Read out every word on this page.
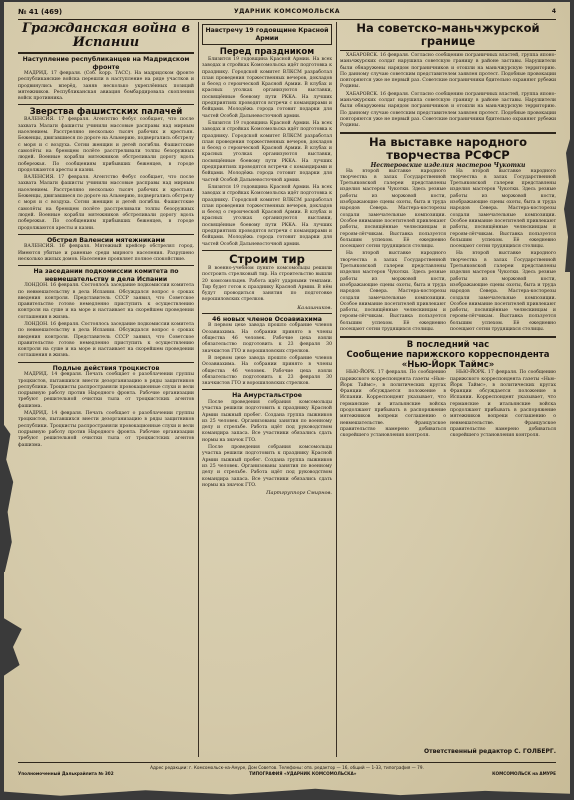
№ 41 (469)	УДАРНИК КОМСОМОЛЬСКА	4
Гражданская война в Испании
Наступление республиканцев на Мадридском фронте

МАДРИД. 17 февраля. (Соб. корр. ТАСС). На мадридском фронте республиканские войска перешли в наступление на ряде участков и продвинулись вперёд, заняв несколько укреплённых позиций мятежников. Республиканская авиация бомбардировала скопления войск противника.

Зверства фашистских палачей

ВАЛЕНСИЯ. 17 февраля. Агентство Фебус сообщает, что после захвата Малаги фашисты учинили массовые расправы над мирным населением. Расстреляно несколько тысяч рабочих и крестьян. Беженцы, двигавшиеся по дороге на Альмерию, подвергались обстрелу с моря и с воздуха. Сотни женщин и детей погибли. Фашистские самолёты на бреющем полёте расстреливали толпы безоружных людей. Военные корабли мятежников обстреливали дорогу вдоль побережья. По сообщениям прибывших беженцев, в городе продолжаются аресты и казни.

ВАЛЕНСИЯ. 17 февраля. Агентство Фебус сообщает, что после захвата Малаги фашисты учинили массовые расправы над мирным населением. Расстреляно несколько тысяч рабочих и крестьян. Беженцы, двигавшиеся по дороге на Альмерию, подвергались обстрелу с моря и с воздуха. Сотни женщин и детей погибли. Фашистские самолёты на бреющем полёте расстреливали толпы безоружных людей. Военные корабли мятежников обстреливали дорогу вдоль побережья. По сообщениям прибывших беженцев, в городе продолжаются аресты и казни.

Обстрел Валенсии мятежниками

ВАЛЕНСИЯ. 16 февраля. Мятежный крейсер обстрелял город. Имеются убитые и раненые среди мирного населения. Разрушено несколько жилых домов. Население проявляет полное спокойствие.

На заседании подкомиссии комитета по невмешательству в дела Испании

ЛОНДОН. 16 февраля. Состоялось заседание подкомиссии комитета по невмешательству в дела Испании. Обсуждался вопрос о сроках введения контроля. Представитель СССР заявил, что Советское правительство готово немедленно приступить к осуществлению контроля на суше и на море и настаивает на скорейшем проведении соглашения в жизнь.

ЛОНДОН. 16 февраля. Состоялось заседание подкомиссии комитета по невмешательству в дела Испании. Обсуждался вопрос о сроках введения контроля. Представитель СССР заявил, что Советское правительство готово немедленно приступить к осуществлению контроля на суше и на море и настаивает на скорейшем проведении соглашения в жизнь.

Подлые действия троцкистов

МАДРИД. 14 февраля. Печать сообщает о разоблачении группы троцкистов, пытавшихся внести дезорганизацию в ряды защитников республики. Троцкисты распространяли провокационные слухи и вели подрывную работу против Народного фронта. Рабочие организации требуют решительной очистки тыла от троцкистских агентов фашизма.

МАДРИД. 14 февраля. Печать сообщает о разоблачении группы троцкистов, пытавшихся внести дезорганизацию в ряды защитников республики. Троцкисты распространяли провокационные слухи и вели подрывную работу против Народного фронта. Рабочие организации требуют решительной очистки тыла от троцкистских агентов фашизма.

Навстречу 19 годовщине Красной Армии
Перед праздником

Близится 19 годовщина Красной Армии. На всех заводах и стройках Комсомольска идёт подготовка к празднику. Городской комитет ВЛКСМ разработал план проведения торжественных вечеров, докладов и бесед о героической Красной Армии. В клубах и красных уголках организуются выставки, посвящённые боевому пути РККА. На лучших предприятиях проводятся встречи с командирами и бойцами. Молодёжь города готовит подарки для частей Особой Дальневосточной армии.

Близится 19 годовщина Красной Армии. На всех заводах и стройках Комсомольска идёт подготовка к празднику. Городской комитет ВЛКСМ разработал план проведения торжественных вечеров, докладов и бесед о героической Красной Армии. В клубах и красных уголках организуются выставки, посвящённые боевому пути РККА. На лучших предприятиях проводятся встречи с командирами и бойцами. Молодёжь города готовит подарки для частей Особой Дальневосточной армии.

Близится 19 годовщина Красной Армии. На всех заводах и стройках Комсомольска идёт подготовка к празднику. Городской комитет ВЛКСМ разработал план проведения торжественных вечеров, докладов и бесед о героической Красной Армии. В клубах и красных уголках организуются выставки, посвящённые боевому пути РККА. На лучших предприятиях проводятся встречи с командирами и бойцами. Молодёжь города готовит подарки для частей Особой Дальневосточной армии.

Строим тир

В военно-учебном пункте комсомольцы решили построить стрелковый тир. На строительство вышли 20 комсомольцев. Работа идёт ударными темпами. Тир будет готов к празднику Красной Армии. В нём будут проводиться занятия по подготовке ворошиловских стрелков.

Калашников.
46 новых членов Осоавиахима

В первом цехе завода прошло собрание членов Осоавиахима. На собрании принято в члены общества 46 человек. Рабочие цеха взяли обязательство подготовить к 23 февраля 30 значкистов ГТО и ворошиловских стрелков.

В первом цехе завода прошло собрание членов Осоавиахима. На собрании принято в члены общества 46 человек. Рабочие цеха взяли обязательство подготовить к 23 февраля 30 значкистов ГТО и ворошиловских стрелков.

На Амурстальстрое

После проведения собрания комсомольцы участка решили подготовить к празднику Красной Армии лыжный пробег. Создана группа лыжников из 25 человек. Организованы занятия по военному делу и стрельбе. Работа идёт под руководством командира запаса. Все участники обязались сдать нормы на значок ГТО.

После проведения собрания комсомольцы участка решили подготовить к празднику Красной Армии лыжный пробег. Создана группа лыжников из 25 человек. Организованы занятия по военному делу и стрельбе. Работа идёт под руководством командира запаса. Все участники обязались сдать нормы на значок ГТО.

Партгруппорг Смирнов.
На советско-маньчжурской границе

ХАБАРОВСК. 16 февраля. Согласно сообщению пограничных властей, группа японо-маньчжурских солдат нарушила советскую границу в районе заставы. Нарушители были обнаружены нарядом пограничников и отошли на маньчжурскую территорию. По данному случаю советским представителем заявлен протест. Подобные провокации повторяются уже не первый раз. Советские пограничники бдительно охраняют рубежи Родины.

ХАБАРОВСК. 16 февраля. Согласно сообщению пограничных властей, группа японо-маньчжурских солдат нарушила советскую границу в районе заставы. Нарушители были обнаружены нарядом пограничников и отошли на маньчжурскую территорию. По данному случаю советским представителем заявлен протест. Подобные провокации повторяются уже не первый раз. Советские пограничники бдительно охраняют рубежи Родины.

На выставке народного творчества РСФСР
Нестеровские изделия мастеров Чукотки

На второй выставке народного творчества в залах Государственной Третьяковской галереи представлены изделия мастеров Чукотки. Здесь резные работы из моржовой кости, изображающие сцены охоты, быта и труда народов Севера. Мастера-косторезы создали замечательные композиции. Особое внимание посетителей привлекают работы, посвящённые челюскинцам и героям-лётчикам. Выставка пользуется большим успехом. Её ежедневно посещают сотни трудящихся столицы.

На второй выставке народного творчества в залах Государственной Третьяковской галереи представлены изделия мастеров Чукотки. Здесь резные работы из моржовой кости, изображающие сцены охоты, быта и труда народов Севера. Мастера-косторезы создали замечательные композиции. Особое внимание посетителей привлекают работы, посвящённые челюскинцам и героям-лётчикам. Выставка пользуется большим успехом. Её ежедневно посещают сотни трудящихся столицы.

На второй выставке народного творчества в залах Государственной Третьяковской галереи представлены изделия мастеров Чукотки. Здесь резные работы из моржовой кости, изображающие сцены охоты, быта и труда народов Севера. Мастера-косторезы создали замечательные композиции. Особое внимание посетителей привлекают работы, посвящённые челюскинцам и героям-лётчикам. Выставка пользуется большим успехом. Её ежедневно посещают сотни трудящихся столицы.

На второй выставке народного творчества в залах Государственной Третьяковской галереи представлены изделия мастеров Чукотки. Здесь резные работы из моржовой кости, изображающие сцены охоты, быта и труда народов Севера. Мастера-косторезы создали замечательные композиции. Особое внимание посетителей привлекают работы, посвящённые челюскинцам и героям-лётчикам. Выставка пользуется большим успехом. Её ежедневно посещают сотни трудящихся столицы.

В последний час
Сообщение парижского корреспондента «Нью-Йорк Таймс»

НЬЮ-ЙОРК. 17 февраля. По сообщению парижского корреспондента газеты «Нью-Йорк Таймс», в политических кругах Франции обсуждается положение в Испании. Корреспондент указывает, что германские и итальянские войска продолжают прибывать в распоряжение мятежников вопреки соглашению о невмешательстве. Французское правительство намерено добиваться скорейшего установления контроля.

НЬЮ-ЙОРК. 17 февраля. По сообщению парижского корреспондента газеты «Нью-Йорк Таймс», в политических кругах Франции обсуждается положение в Испании. Корреспондент указывает, что германские и итальянские войска продолжают прибывать в распоряжение мятежников вопреки соглашению о невмешательстве. Французское правительство намерено добиваться скорейшего установления контроля.

Ответственный редактор С. ГОЛБЕРГ.
Адрес редакции: г. Комсомольск-на-Амуре, Дом Советов. Телефоны: отв. редактор — 16, общий — 1-33, типография — 79.
Уполномоченный Далькрайлита № 302	ТИПОГРАФИЯ «УДАРНИК КОМСОМОЛЬСКА»	КОМСОМОЛЬСК на АМУРЕ
